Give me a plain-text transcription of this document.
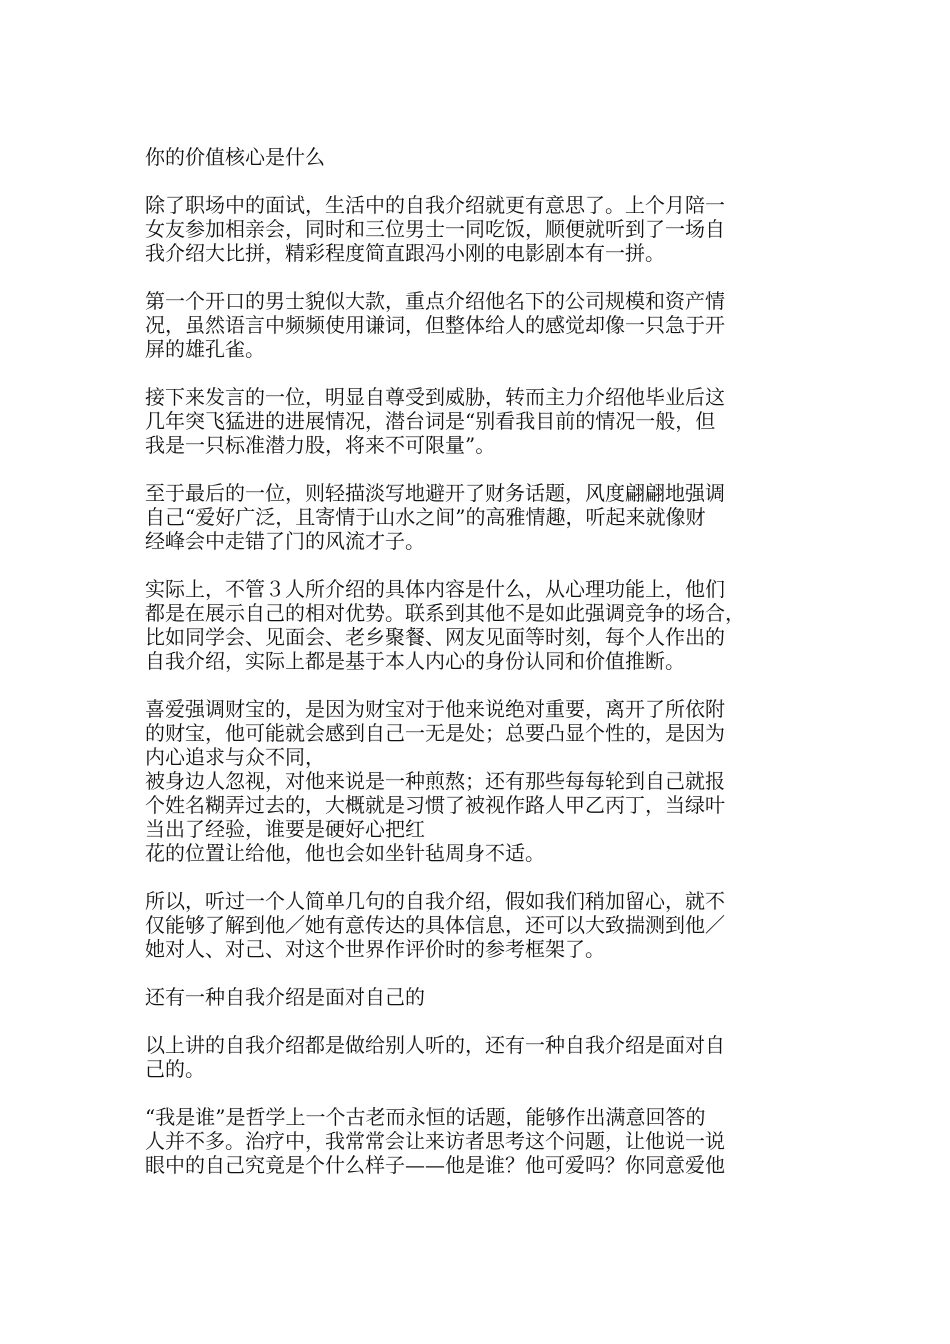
你的价值核心是什么
除了职场中的面试，生活中的自我介绍就更有意思了。上个月陪一
女友参加相亲会，同时和三位男士一同吃饭，顺便就听到了一场自
我介绍大比拼，精彩程度简直跟冯小刚的电影剧本有一拼。
第一个开口的男士貌似大款，重点介绍他名下的公司规模和资产情
况，虽然语言中频频使用谦词，但整体给人的感觉却像一只急于开
屏的雄孔雀。
接下来发言的一位，明显自尊受到威胁，转而主力介绍他毕业后这
几年突飞猛进的进展情况，潜台词是“别看我目前的情况一般，但
我是一只标准潜力股，将来不可限量”。
至于最后的一位，则轻描淡写地避开了财务话题，风度翩翩地强调
自己“爱好广泛，且寄情于山水之间”的高雅情趣，听起来就像财
经峰会中走错了门的风流才子。
实际上，不管３人所介绍的具体内容是什么，从心理功能上，他们
都是在展示自己的相对优势。联系到其他不是如此强调竞争的场合，
比如同学会、见面会、老乡聚餐、网友见面等时刻，每个人作出的
自我介绍，实际上都是基于本人内心的身份认同和价值推断。
喜爱强调财宝的，是因为财宝对于他来说绝对重要，离开了所依附
的财宝，他可能就会感到自己一无是处；总要凸显个性的，是因为
内心追求与众不同，
被身边人忽视，对他来说是一种煎熬；还有那些每每轮到自己就报
个姓名糊弄过去的，大概就是习惯了被视作路人甲乙丙丁，当绿叶
当出了经验，谁要是硬好心把红
花的位置让给他，他也会如坐针毡周身不适。
所以，听过一个人简单几句的自我介绍，假如我们稍加留心，就不
仅能够了解到他／她有意传达的具体信息，还可以大致揣测到他／
她对人、对己、对这个世界作评价时的参考框架了。
还有一种自我介绍是面对自己的
以上讲的自我介绍都是做给别人听的，还有一种自我介绍是面对自
己的。
“我是谁”是哲学上一个古老而永恒的话题，能够作出满意回答的
人并不多。治疗中，我常常会让来访者思考这个问题，让他说一说
眼中的自己究竟是个什么样子——他是谁？他可爱吗？你同意爱他
